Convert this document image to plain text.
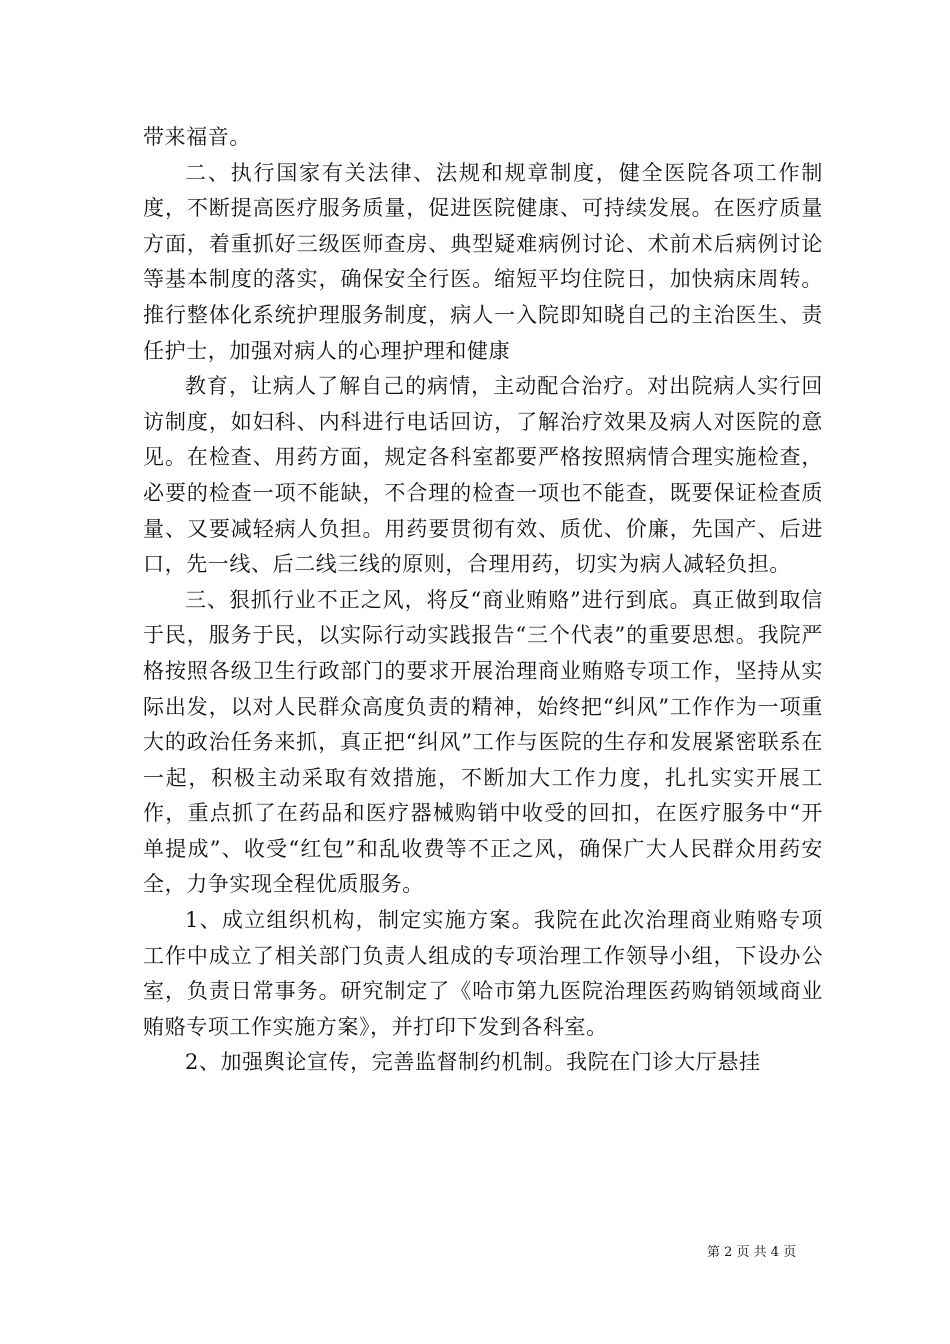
带来福音。

二、执行国家有关法律、法规和规章制度，健全医院各项工作制度，不断提高医疗服务质量，促进医院健康、可持续发展。在医疗质量方面，着重抓好三级医师查房、典型疑难病例讨论、术前术后病例讨论等基本制度的落实，确保安全行医。缩短平均住院日，加快病床周转。推行整体化系统护理服务制度，病人一入院即知晓自己的主治医生、责任护士，加强对病人的心理护理和健康

教育，让病人了解自己的病情，主动配合治疗。对出院病人实行回访制度，如妇科、内科进行电话回访，了解治疗效果及病人对医院的意见。在检查、用药方面，规定各科室都要严格按照病情合理实施检查，必要的检查一项不能缺，不合理的检查一项也不能查，既要保证检查质量、又要减轻病人负担。用药要贯彻有效、质优、价廉，先国产、后进口，先一线、后二线三线的原则，合理用药，切实为病人减轻负担。

三、狠抓行业不正之风，将反“商业贿赂”进行到底。真正做到取信于民，服务于民，以实际行动实践报告“三个代表”的重要思想。我院严格按照各级卫生行政部门的要求开展治理商业贿赂专项工作，坚持从实际出发，以对人民群众高度负责的精神，始终把“纠风”工作作为一项重大的政治任务来抓，真正把“纠风”工作与医院的生存和发展紧密联系在一起，积极主动采取有效措施，不断加大工作力度，扎扎实实开展工作，重点抓了在药品和医疗器械购销中收受的回扣，在医疗服务中“开单提成”、收受“红包”和乱收费等不正之风，确保广大人民群众用药安全，力争实现全程优质服务。

1、成立组织机构，制定实施方案。我院在此次治理商业贿赂专项工作中成立了相关部门负责人组成的专项治理工作领导小组，下设办公室，负责日常事务。研究制定了《哈市第九医院治理医药购销领域商业贿赂专项工作实施方案》，并打印下发到各科室。

2、加强舆论宣传，完善监督制约机制。我院在门诊大厅悬挂

第 2 页 共 4 页
